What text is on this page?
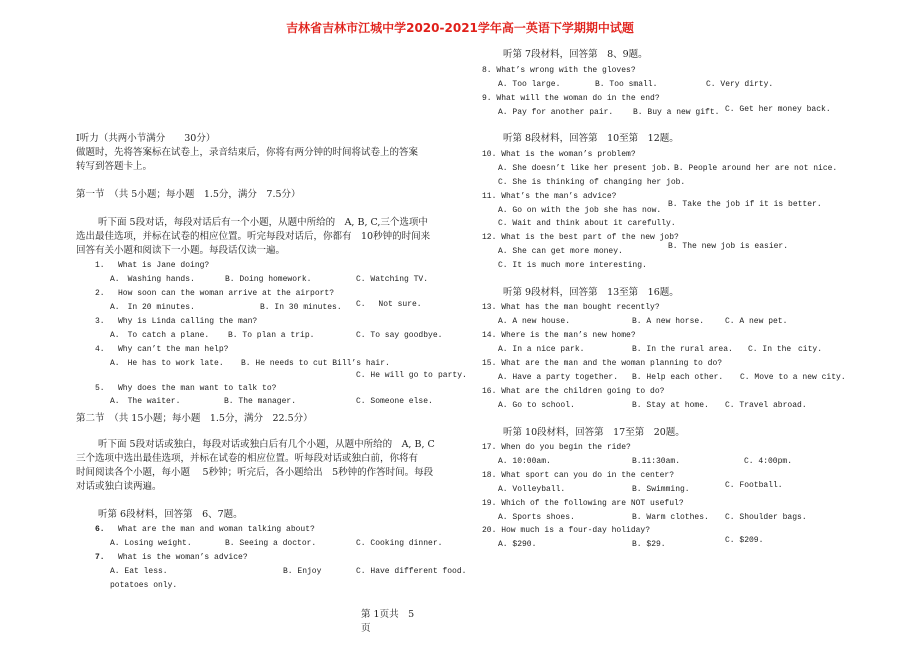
吉林省吉林市江城中学2020-2021学年高一英语下学期期中试题
I听力（共两小节满分　　30分）
做题时，先将答案标在试卷上，录音结束后，你将有两分钟的时间将试卷上的答案
转写到答题卡上。
第一节　（共 5小题；每小题　1.5分，满分　7.5分）
听下面 5段对话，每段对话后有一个小题，从题中所给的　A, B, C,三个选项中
选出最佳选项，并标在试卷的相应位置。听完每段对话后，你都有　10秒钟的时间来
回答有关小题和阅读下一小题。每段话仅读一遍。
1. What is Jane doing?
A.　Washing hands.	B. Doing homework.	C. Watching TV.
2. How soon can the woman arrive at the airport?
A.　In 20 minutes.	B. In 30 minutes. C.　 Not sure.
3. Why is Linda calling the man?
A.　To catch a plane. B. To plan a trip.	C. To say goodbye.
4. Why can’t the man help?
A.　He has to work late. B. He needs to cut Bill’s hair.
C. He will go to party.
5. Why does the man want to talk to?
A.　The waiter.	B. The manager.	C. Someone else.
第二节　（共 15小题；每小题　1.5分，满分　22.5分）
听下面 5段对话或独白，每段对话或独白后有几个小题，从题中所给的　A, B, C
三个选项中选出最佳选项，并标在试卷的相应位置。听每段对话或独白前，你将有
时间阅读各个小题，每小题　 5秒钟；听完后，各小题给出　5秒钟的作答时间。每段
对话或独白读两遍。
听第 6段材料，回答第　6、7题。
6. What are the man and woman talking about?
A. Losing weight.	B. Seeing a doctor.	C. Cooking dinner.
7. What is the woman’s advice?
A. Eat less.	B. Enjoy	C. Have different food.
potatoes only.
第 1页共　5
页
听第 7段材料，回答第　8、9题。
8. What’s wrong with the gloves?
A. Too large.	B. Too small.	C. Very dirty.
9. What will the woman do in the end?
A. Pay for another pair. B. Buy a new gift. C. Get her money back.
听第 8段材料，回答第　10至第　12题。
10. What is the woman’s problem?
A. She doesn’t like her present job. B. People around her are not nice.
C. She is thinking of changing her job.
11. What’s the man’s advice?
A. Go on with the job she has now.
B. Take the job if it is better.
C. Wait and think about it carefully.
12. What is the best part of the new job?
A. She can get more money.
B. The new job is easier.
C. It is much more interesting.
听第 9段材料，回答第　13至第　16题。
13. What has the man bought recently?
A. A new house.	B. A new horse.	C. A new pet.
14. Where is the man’s new home?
A. In a nice park.	B. In the rural area. C. In the city.
15. What are the man and the woman planning to do?
A. Have a party together. B. Help each other. C. Move to a new city.
16. What are the children going to do?
A. Go to school.	B. Stay at home. C. Travel abroad.
听第 10段材料，回答第　17至第　20题。
17. When do you begin the ride?
A. 10:00am.	B.11:30am.	C. 4:00pm.
18. What sport can you do in the center?
A. Volleyball.	B. Swimming.	C. Football.
19. Which of the following are NOT useful?
A. Sports shoes.	B. Warm clothes. C. Shoulder bags.
20. How much is a four-day holiday?
A. $290.	B. $29.	C. $209.
